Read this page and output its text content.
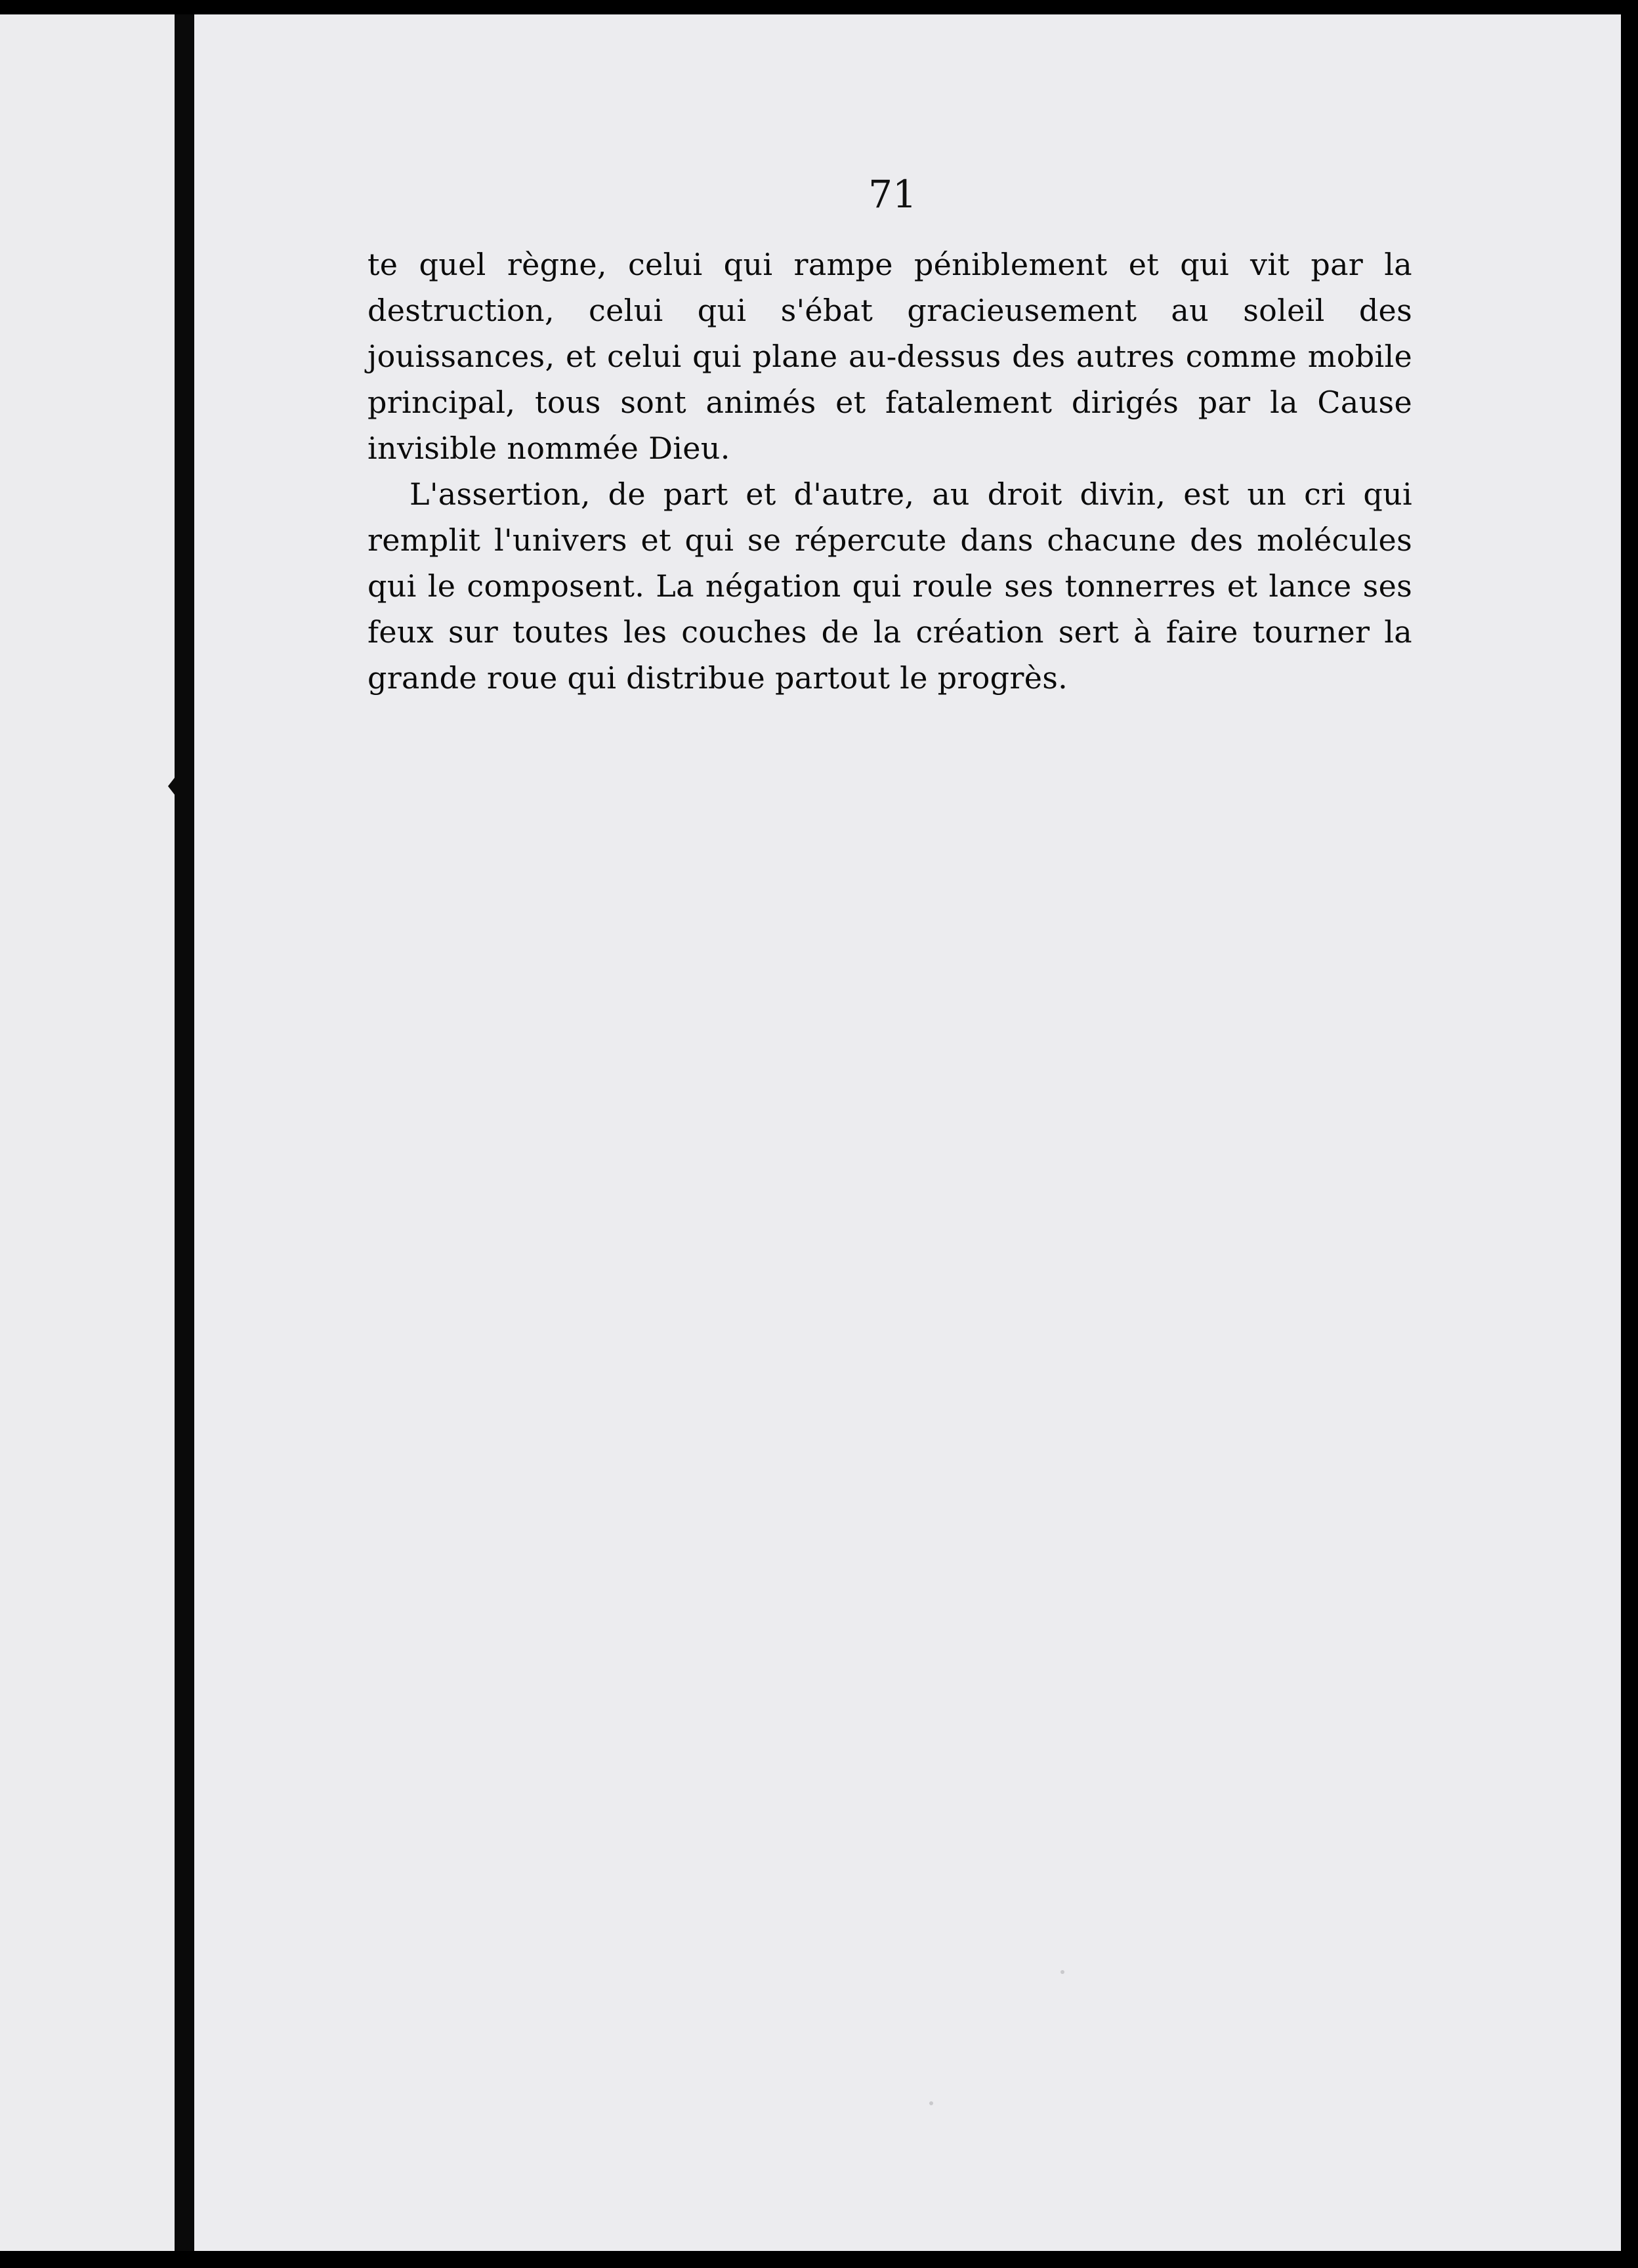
71

te quel règne, celui qui rampe péniblement et qui vit par la destruction, celui qui s'ébat gracieusement au soleil des jouissances, et celui qui plane au-dessus des autres comme mobile principal, tous sont animés et fatalement dirigés par la Cause invisible nommée Dieu.

L'assertion, de part et d'autre, au droit divin, est un cri qui remplit l'univers et qui se répercute dans chacune des molécules qui le composent. La négation qui roule ses tonnerres et lance ses feux sur toutes les couches de la création sert à faire tourner la grande roue qui distribue partout le progrès.
